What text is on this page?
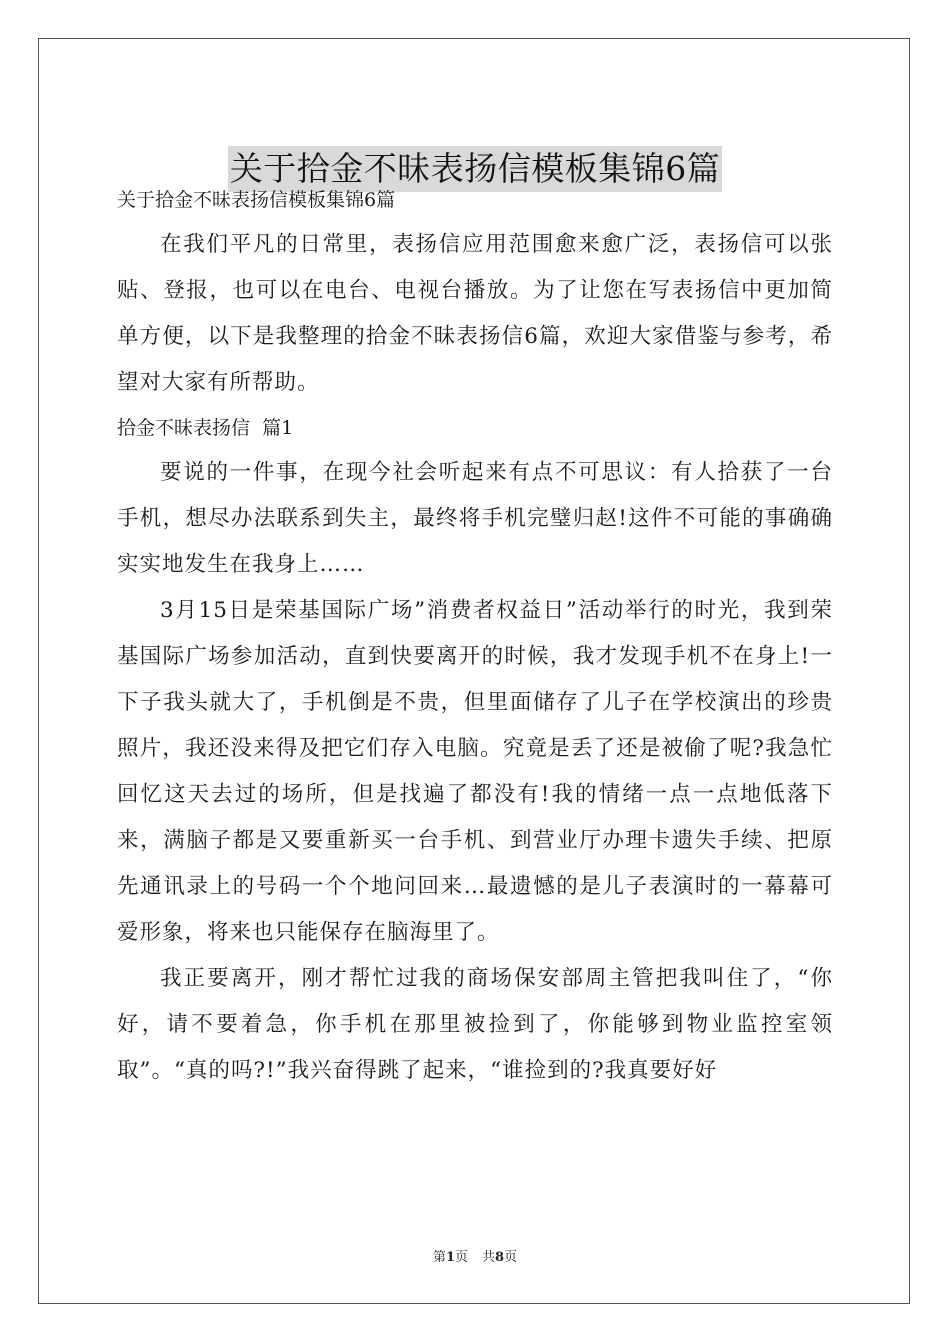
关于拾金不昧表扬信模板集锦6篇

关于拾金不昧表扬信模板集锦6篇

在我们平凡的日常里，表扬信应用范围愈来愈广泛，表扬信可以张贴、登报，也可以在电台、电视台播放。为了让您在写表扬信中更加简单方便，以下是我整理的拾金不昧表扬信6篇，欢迎大家借鉴与参考，希望对大家有所帮助。

拾金不昧表扬信  篇1

要说的一件事，在现今社会听起来有点不可思议：有人拾获了一台手机，想尽办法联系到失主，最终将手机完璧归赵!这件不可能的事确确实实地发生在我身上……

3月15日是荣基国际广场”消费者权益日”活动举行的时光，我到荣基国际广场参加活动，直到快要离开的时候，我才发现手机不在身上!一下子我头就大了，手机倒是不贵，但里面储存了儿子在学校演出的珍贵照片，我还没来得及把它们存入电脑。究竟是丢了还是被偷了呢?我急忙回忆这天去过的场所，但是找遍了都没有!我的情绪一点一点地低落下来，满脑子都是又要重新买一台手机、到营业厅办理卡遗失手续、把原先通讯录上的号码一个个地问回来…最遗憾的是儿子表演时的一幕幕可爱形象，将来也只能保存在脑海里了。

我正要离开，刚才帮忙过我的商场保安部周主管把我叫住了，“你好，请不要着急，你手机在那里被捡到了，你能够到物业监控室领取”。“真的吗?!”我兴奋得跳了起来，“谁捡到的?我真要好好

第1页 共8页
